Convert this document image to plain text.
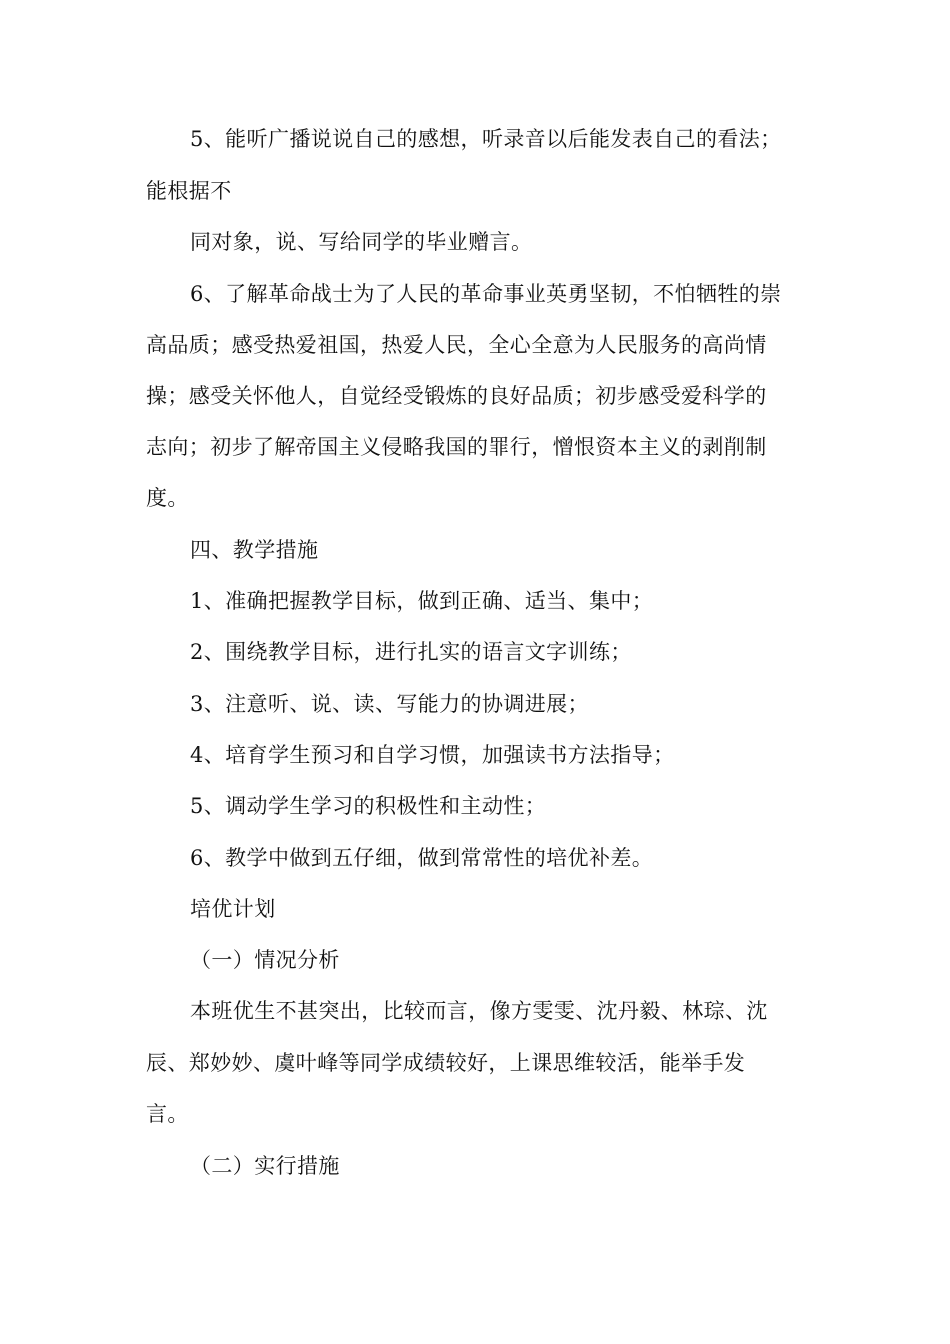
5、能听广播说说自己的感想，听录音以后能发表自己的看法；
能根据不
同对象，说、写给同学的毕业赠言。
6、了解革命战士为了人民的革命事业英勇坚韧，不怕牺牲的崇
高品质；感受热爱祖国，热爱人民，全心全意为人民服务的高尚情
操；感受关怀他人，自觉经受锻炼的良好品质；初步感受爱科学的
志向；初步了解帝国主义侵略我国的罪行，憎恨资本主义的剥削制
度。
四、教学措施
1、准确把握教学目标，做到正确、适当、集中；
2、围绕教学目标，进行扎实的语言文字训练；
3、注意听、说、读、写能力的协调进展；
4、培育学生预习和自学习惯，加强读书方法指导；
5、调动学生学习的积极性和主动性；
6、教学中做到五仔细，做到常常性的培优补差。
培优计划
（一）情况分析
本班优生不甚突出，比较而言，像方雯雯、沈丹毅、林琮、沈
辰、郑妙妙、虞叶峰等同学成绩较好，上课思维较活，能举手发
言。
（二）实行措施
